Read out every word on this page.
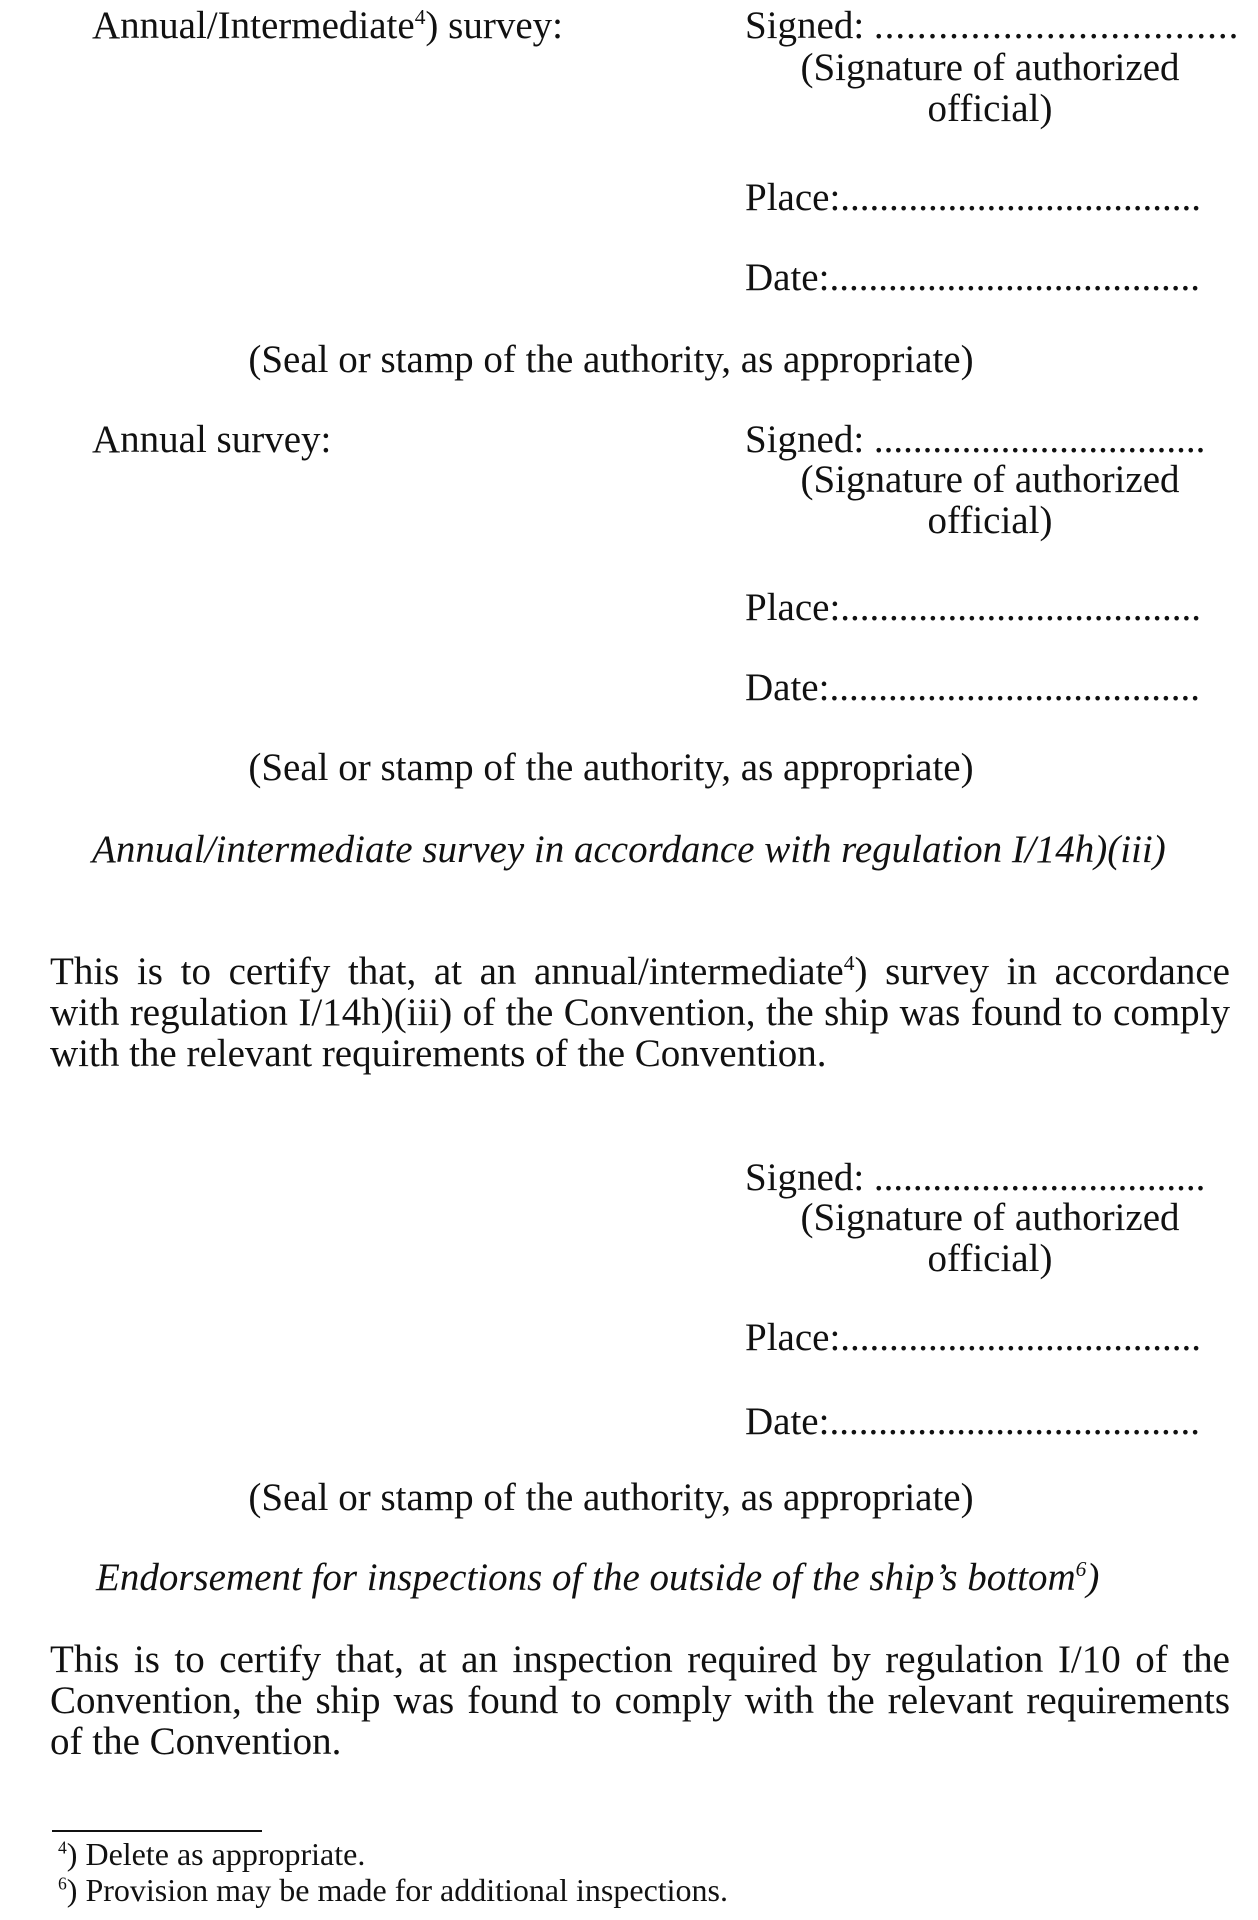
Annual/Intermediate$^4$) survey:	Signed: ..................................
(Signature of authorized
official)
Place:.....................................
Date:......................................
(Seal or stamp of the authority, as appropriate)
Annual survey:	Signed: ..................................
(Signature of authorized
official)
Place:.....................................
Date:......................................
(Seal or stamp of the authority, as appropriate)
Annual/intermediate survey in accordance with regulation I/14h)(iii)
This is to certify that, at an annual/intermediate$^4$) survey in accordance with regulation I/14h)(iii) of the Convention, the ship was found to comply with the relevant requirements of the Convention.
Signed: ..................................
(Signature of authorized
official)
Place:.....................................
Date:......................................
(Seal or stamp of the authority, as appropriate)
Endorsement for inspections of the outside of the ship’s bottom$^6$)
This is to certify that, at an inspection required by regulation I/10 of the Convention, the ship was found to comply with the relevant requirements of the Convention.
$^4$) Delete as appropriate.
$^6$) Provision may be made for additional inspections.
